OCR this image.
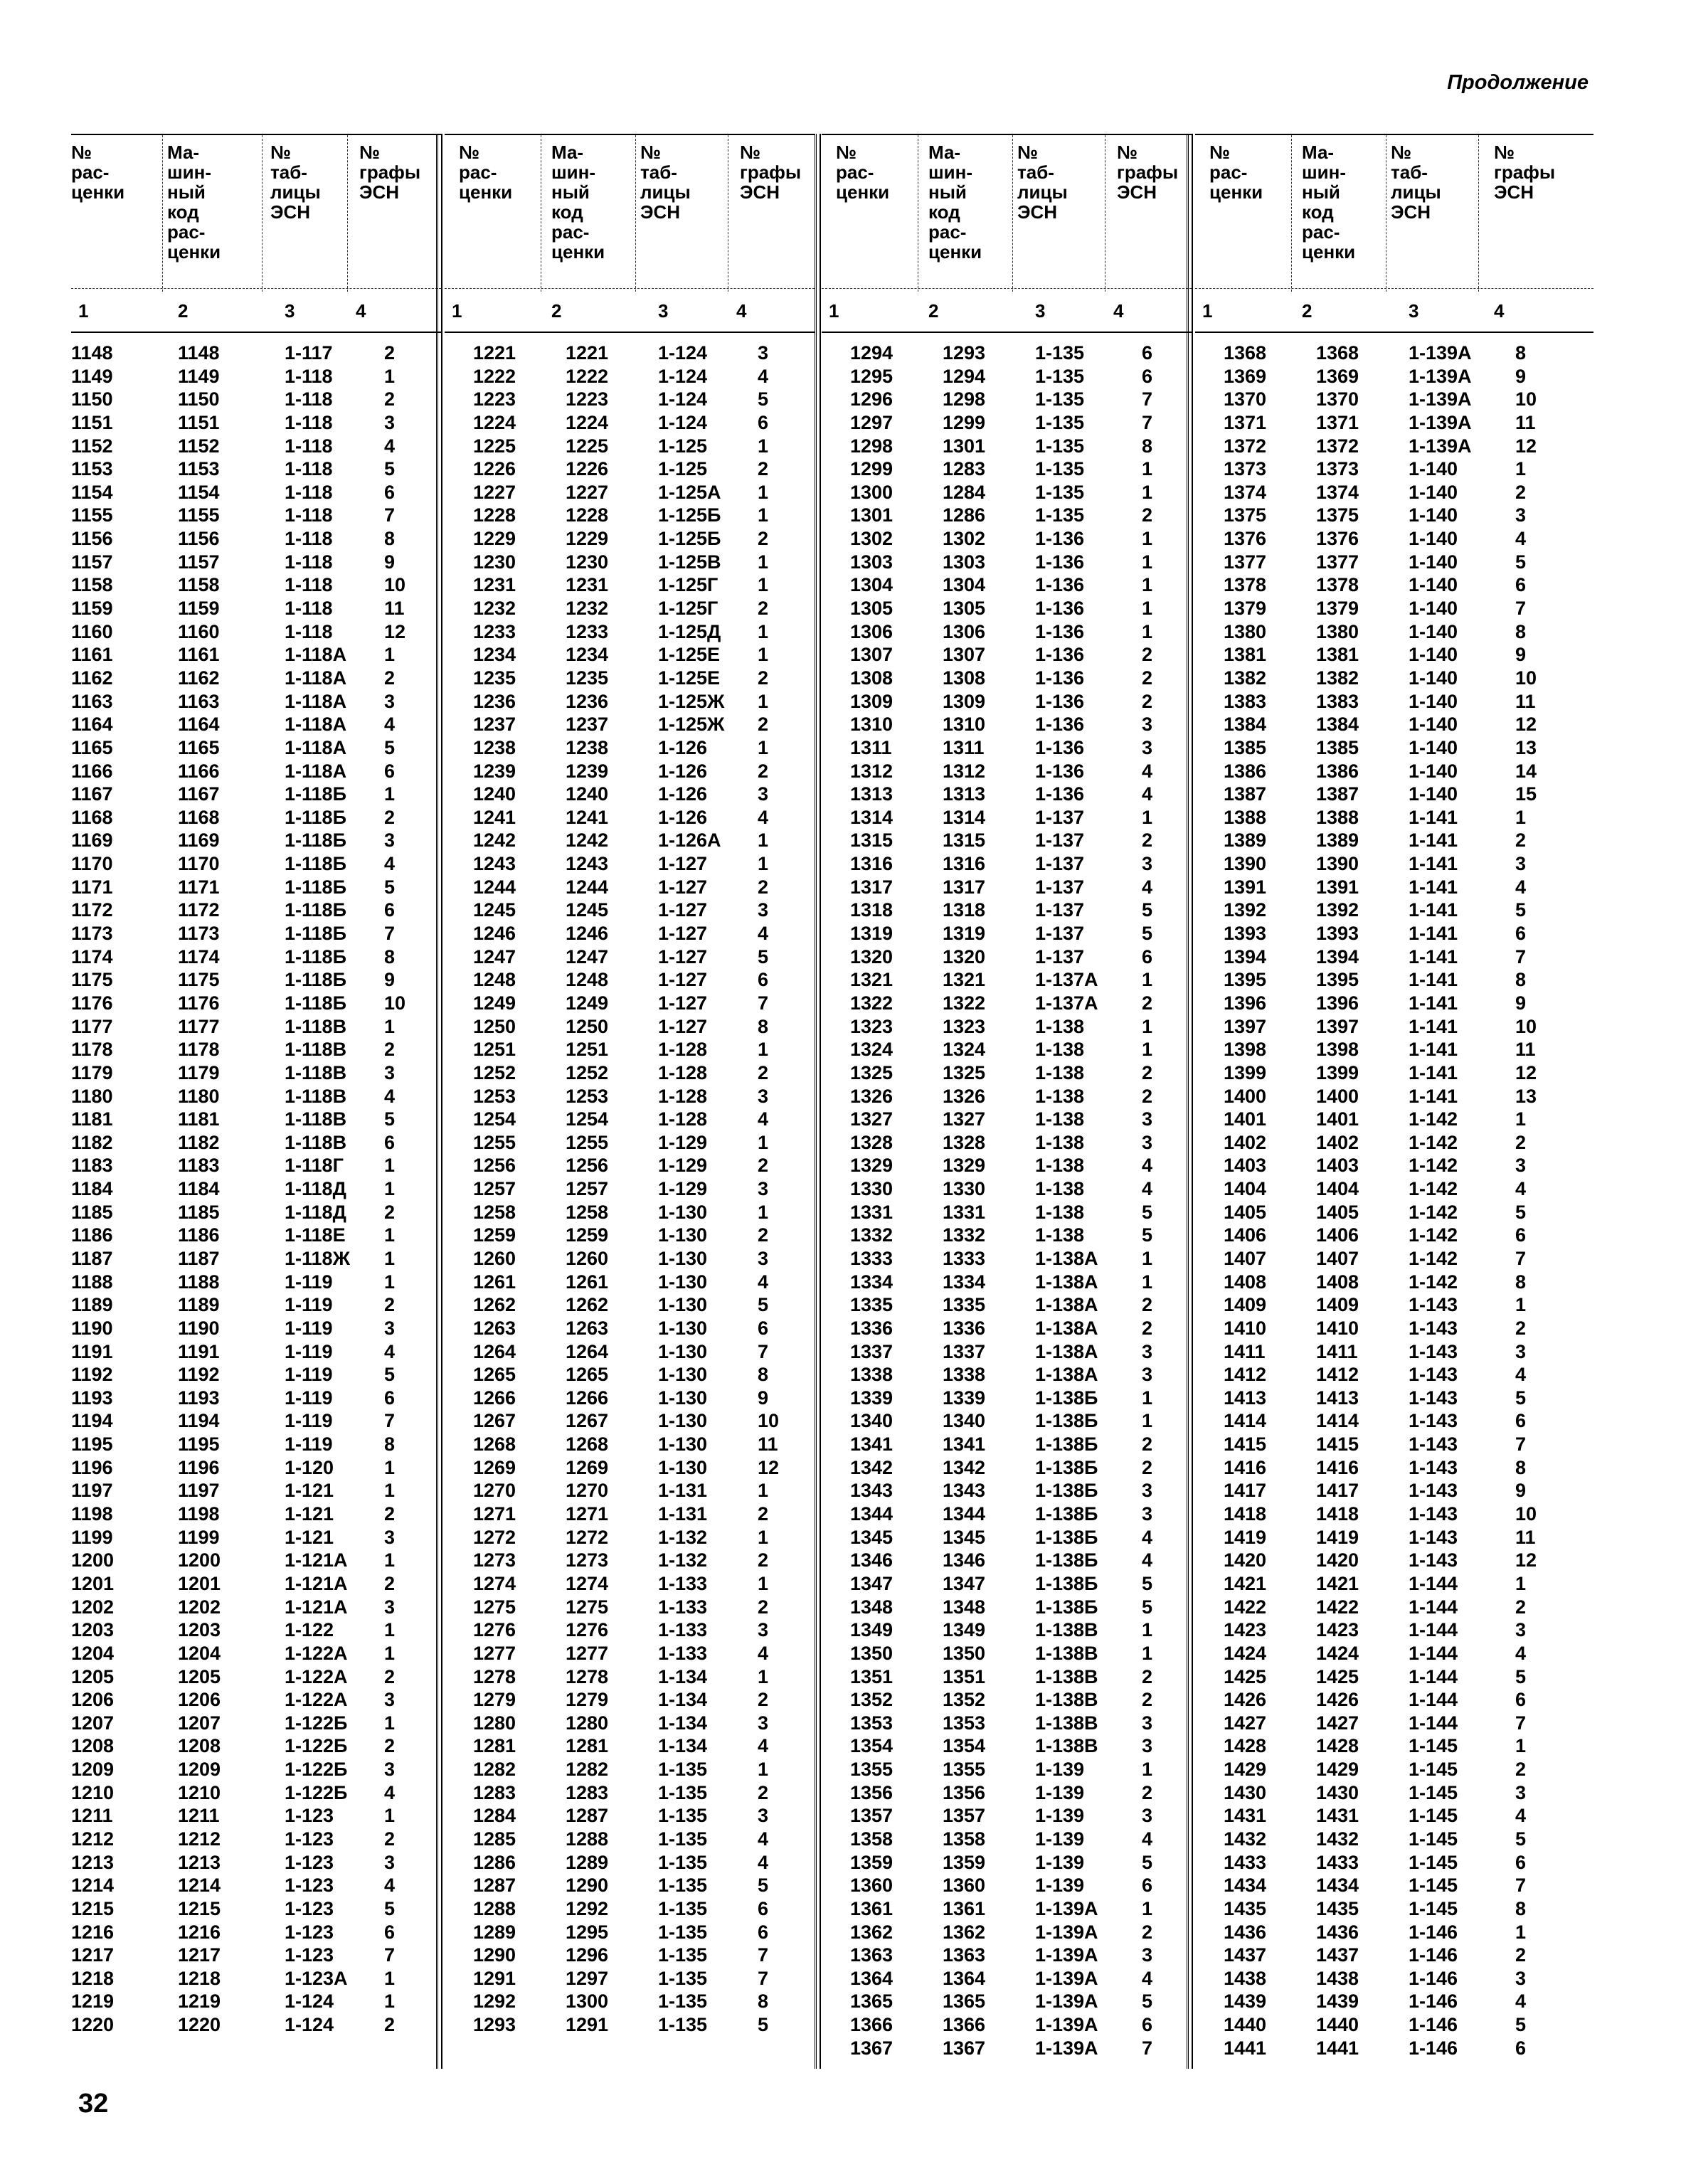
Продолжение
№
рас-
ценки
Ма-
шин-
ный
код
рас-
ценки
№
таб-
лицы
ЭСН
№
графы
ЭСН
1	2	3	4
1148	1148	1-117	2
1149	1149	1-118	1
1150	1150	1-118	2
1151	1151	1-118	3
1152	1152	1-118	4
1153	1153	1-118	5
1154	1154	1-118	6
1155	1155	1-118	7
1156	1156	1-118	8
1157	1157	1-118	9
1158	1158	1-118	10
1159	1159	1-118	11
1160	1160	1-118	12
1161	1161	1-118А 1
1162	1162	1-118А 2
1163	1163	1-118А 3
1164	1164	1-118А 4
1165	1165	1-118А 5
1166	1166	1-118А 6
1167	1167	1-118Б 1
1168	1168	1-118Б 2
1169	1169	1-118Б 3
1170	1170	1-118Б 4
1171	1171	1-118Б 5
1172	1172	1-118Б 6
1173	1173	1-118Б 7
1174	1174	1-118Б 8
1175	1175	1-118Б 9
1176	1176	1-118Б 10
1177	1177	1-118В 1
1178	1178	1-118В 2
1179	1179	1-118В 3
1180	1180	1-118В 4
1181	1181	1-118В 5
1182	1182	1-118В 6
1183	1183	1-118Г 1
1184	1184	1-118Д 1
1185	1185	1-118Д 2
1186	1186	1-118Е 1
1187	1187	1-118Ж 1
1188	1188	1-119	1
1189	1189	1-119	2
1190	1190	1-119	3
1191	1191	1-119	4
1192	1192	1-119	5
1193	1193	1-119	6
1194	1194	1-119	7
1195	1195	1-119	8
1196	1196	1-120	1
1197	1197	1-121	1
1198	1198	1-121	2
1199	1199	1-121	3
1200	1200	1-121А 1
1201	1201	1-121А 2
1202	1202	1-121А 3
1203	1203	1-122	1
1204	1204	1-122А 1
1205	1205	1-122А 2
1206	1206	1-122А 3
1207	1207	1-122Б 1
1208	1208	1-122Б 2
1209	1209	1-122Б 3
1210	1210	1-122Б 4
1211	1211	1-123	1
1212	1212	1-123	2
1213	1213	1-123	3
1214	1214	1-123	4
1215	1215	1-123	5
1216	1216	1-123	6
1217	1217	1-123	7
1218	1218	1-123А 1
1219	1219	1-124	1
1220	1220	1-124	2
№
рас-
ценки
Ма-
шин-
ный
код
рас-
ценки
№
таб-
лицы
ЭСН
№
графы
ЭСН
1	2	3	4
1221	1221	1-124	3
1222	1222	1-124	4
1223	1223	1-124	5
1224	1224	1-124	6
1225	1225	1-125	1
1226	1226	1-125	2
1227	1227	1-125А 1
1228	1228	1-125Б 1
1229	1229	1-125Б 2
1230	1230	1-125В 1
1231	1231	1-125Г 1
1232	1232	1-125Г 2
1233	1233	1-125Д 1
1234	1234	1-125Е 1
1235	1235	1-125Е 2
1236	1236	1-125Ж 1
1237	1237	1-125Ж 2
1238	1238	1-126	1
1239	1239	1-126	2
1240	1240	1-126	3
1241	1241	1-126	4
1242	1242	1-126А 1
1243	1243	1-127	1
1244	1244	1-127	2
1245	1245	1-127	3
1246	1246	1-127	4
1247	1247	1-127	5
1248	1248	1-127	6
1249	1249	1-127	7
1250	1250	1-127	8
1251	1251	1-128	1
1252	1252	1-128	2
1253	1253	1-128	3
1254	1254	1-128	4
1255	1255	1-129	1
1256	1256	1-129	2
1257	1257	1-129	3
1258	1258	1-130	1
1259	1259	1-130	2
1260	1260	1-130	3
1261	1261	1-130	4
1262	1262	1-130	5
1263	1263	1-130	6
1264	1264	1-130	7
1265	1265	1-130	8
1266	1266	1-130	9
1267	1267	1-130	10
1268	1268	1-130	11
1269	1269	1-130	12
1270	1270	1-131	1
1271	1271	1-131	2
1272	1272	1-132	1
1273	1273	1-132	2
1274	1274	1-133	1
1275	1275	1-133	2
1276	1276	1-133	3
1277	1277	1-133	4
1278	1278	1-134	1
1279	1279	1-134	2
1280	1280	1-134	3
1281	1281	1-134	4
1282	1282	1-135	1
1283	1283	1-135	2
1284	1287	1-135	3
1285	1288	1-135	4
1286	1289	1-135	4
1287	1290	1-135	5
1288	1292	1-135	6
1289	1295	1-135	6
1290	1296	1-135	7
1291	1297	1-135	7
1292	1300	1-135	8
1293	1291	1-135	5
№
рас-
ценки
Ма-
шин-
ный
код
рас-
ценки
№
таб-
лицы
ЭСН
№
графы
ЭСН
1	2	3	4
1294	1293	1-135	6
1295	1294	1-135	6
1296	1298	1-135	7
1297	1299	1-135	7
1298	1301	1-135	8
1299	1283	1-135	1
1300	1284	1-135	1
1301	1286	1-135	2
1302	1302	1-136	1
1303	1303	1-136	1
1304	1304	1-136	1
1305	1305	1-136	1
1306	1306	1-136	1
1307	1307	1-136	2
1308	1308	1-136	2
1309	1309	1-136	2
1310	1310	1-136	3
1311	1311	1-136	3
1312	1312	1-136	4
1313	1313	1-136	4
1314	1314	1-137	1
1315	1315	1-137	2
1316	1316	1-137	3
1317	1317	1-137	4
1318	1318	1-137	5
1319	1319	1-137	5
1320	1320	1-137	6
1321	1321	1-137А 1
1322	1322	1-137А 2
1323	1323	1-138	1
1324	1324	1-138	1
1325	1325	1-138	2
1326	1326	1-138	2
1327	1327	1-138	3
1328	1328	1-138	3
1329	1329	1-138	4
1330	1330	1-138	4
1331	1331	1-138	5
1332	1332	1-138	5
1333	1333	1-138А 1
1334	1334	1-138А 1
1335	1335	1-138А 2
1336	1336	1-138А 2
1337	1337	1-138А 3
1338	1338	1-138А 3
1339	1339	1-138Б 1
1340	1340	1-138Б 1
1341	1341	1-138Б 2
1342	1342	1-138Б 2
1343	1343	1-138Б 3
1344	1344	1-138Б 3
1345	1345	1-138Б 4
1346	1346	1-138Б 4
1347	1347	1-138Б 5
1348	1348	1-138Б 5
1349	1349	1-138В 1
1350	1350	1-138В 1
1351	1351	1-138В 2
1352	1352	1-138В 2
1353	1353	1-138В 3
1354	1354	1-138В 3
1355	1355	1-139	1
1356	1356	1-139	2
1357	1357	1-139	3
1358	1358	1-139	4
1359	1359	1-139	5
1360	1360	1-139	6
1361	1361	1-139А 1
1362	1362	1-139А 2
1363	1363	1-139А 3
1364	1364	1-139А 4
1365	1365	1-139А 5
1366	1366	1-139А 6
1367	1367	1-139А 7
№
рас-
ценки
Ма-
шин-
ный
код
рас-
ценки
№
таб-
лицы
ЭСН
№
графы
ЭСН
1	2	3	4
1368	1368	1-139А 8
1369	1369	1-139А 9
1370	1370	1-139А 10
1371	1371	1-139А 11
1372	1372	1-139А 12
1373	1373	1-140	1
1374	1374	1-140	2
1375	1375	1-140	3
1376	1376	1-140	4
1377	1377	1-140	5
1378	1378	1-140	6
1379	1379	1-140	7
1380	1380	1-140	8
1381	1381	1-140	9
1382	1382	1-140	10
1383	1383	1-140	11
1384	1384	1-140	12
1385	1385	1-140	13
1386	1386	1-140	14
1387	1387	1-140	15
1388	1388	1-141	1
1389	1389	1-141	2
1390	1390	1-141	3
1391	1391	1-141	4
1392	1392	1-141	5
1393	1393	1-141	6
1394	1394	1-141	7
1395	1395	1-141	8
1396	1396	1-141	9
1397	1397	1-141	10
1398	1398	1-141	11
1399	1399	1-141	12
1400	1400	1-141	13
1401	1401	1-142	1
1402	1402	1-142	2
1403	1403	1-142	3
1404	1404	1-142	4
1405	1405	1-142	5
1406	1406	1-142	6
1407	1407	1-142	7
1408	1408	1-142	8
1409	1409	1-143	1
1410	1410	1-143	2
1411	1411	1-143	3
1412	1412	1-143	4
1413	1413	1-143	5
1414	1414	1-143	6
1415	1415	1-143	7
1416	1416	1-143	8
1417	1417	1-143	9
1418	1418	1-143	10
1419	1419	1-143	11
1420	1420	1-143	12
1421	1421	1-144	1
1422	1422	1-144	2
1423	1423	1-144	3
1424	1424	1-144	4
1425	1425	1-144	5
1426	1426	1-144	6
1427	1427	1-144	7
1428	1428	1-145	1
1429	1429	1-145	2
1430	1430	1-145	3
1431	1431	1-145	4
1432	1432	1-145	5
1433	1433	1-145	6
1434	1434	1-145	7
1435	1435	1-145	8
1436	1436	1-146	1
1437	1437	1-146	2
1438	1438	1-146	3
1439	1439	1-146	4
1440	1440	1-146	5
1441	1441	1-146	6
32
